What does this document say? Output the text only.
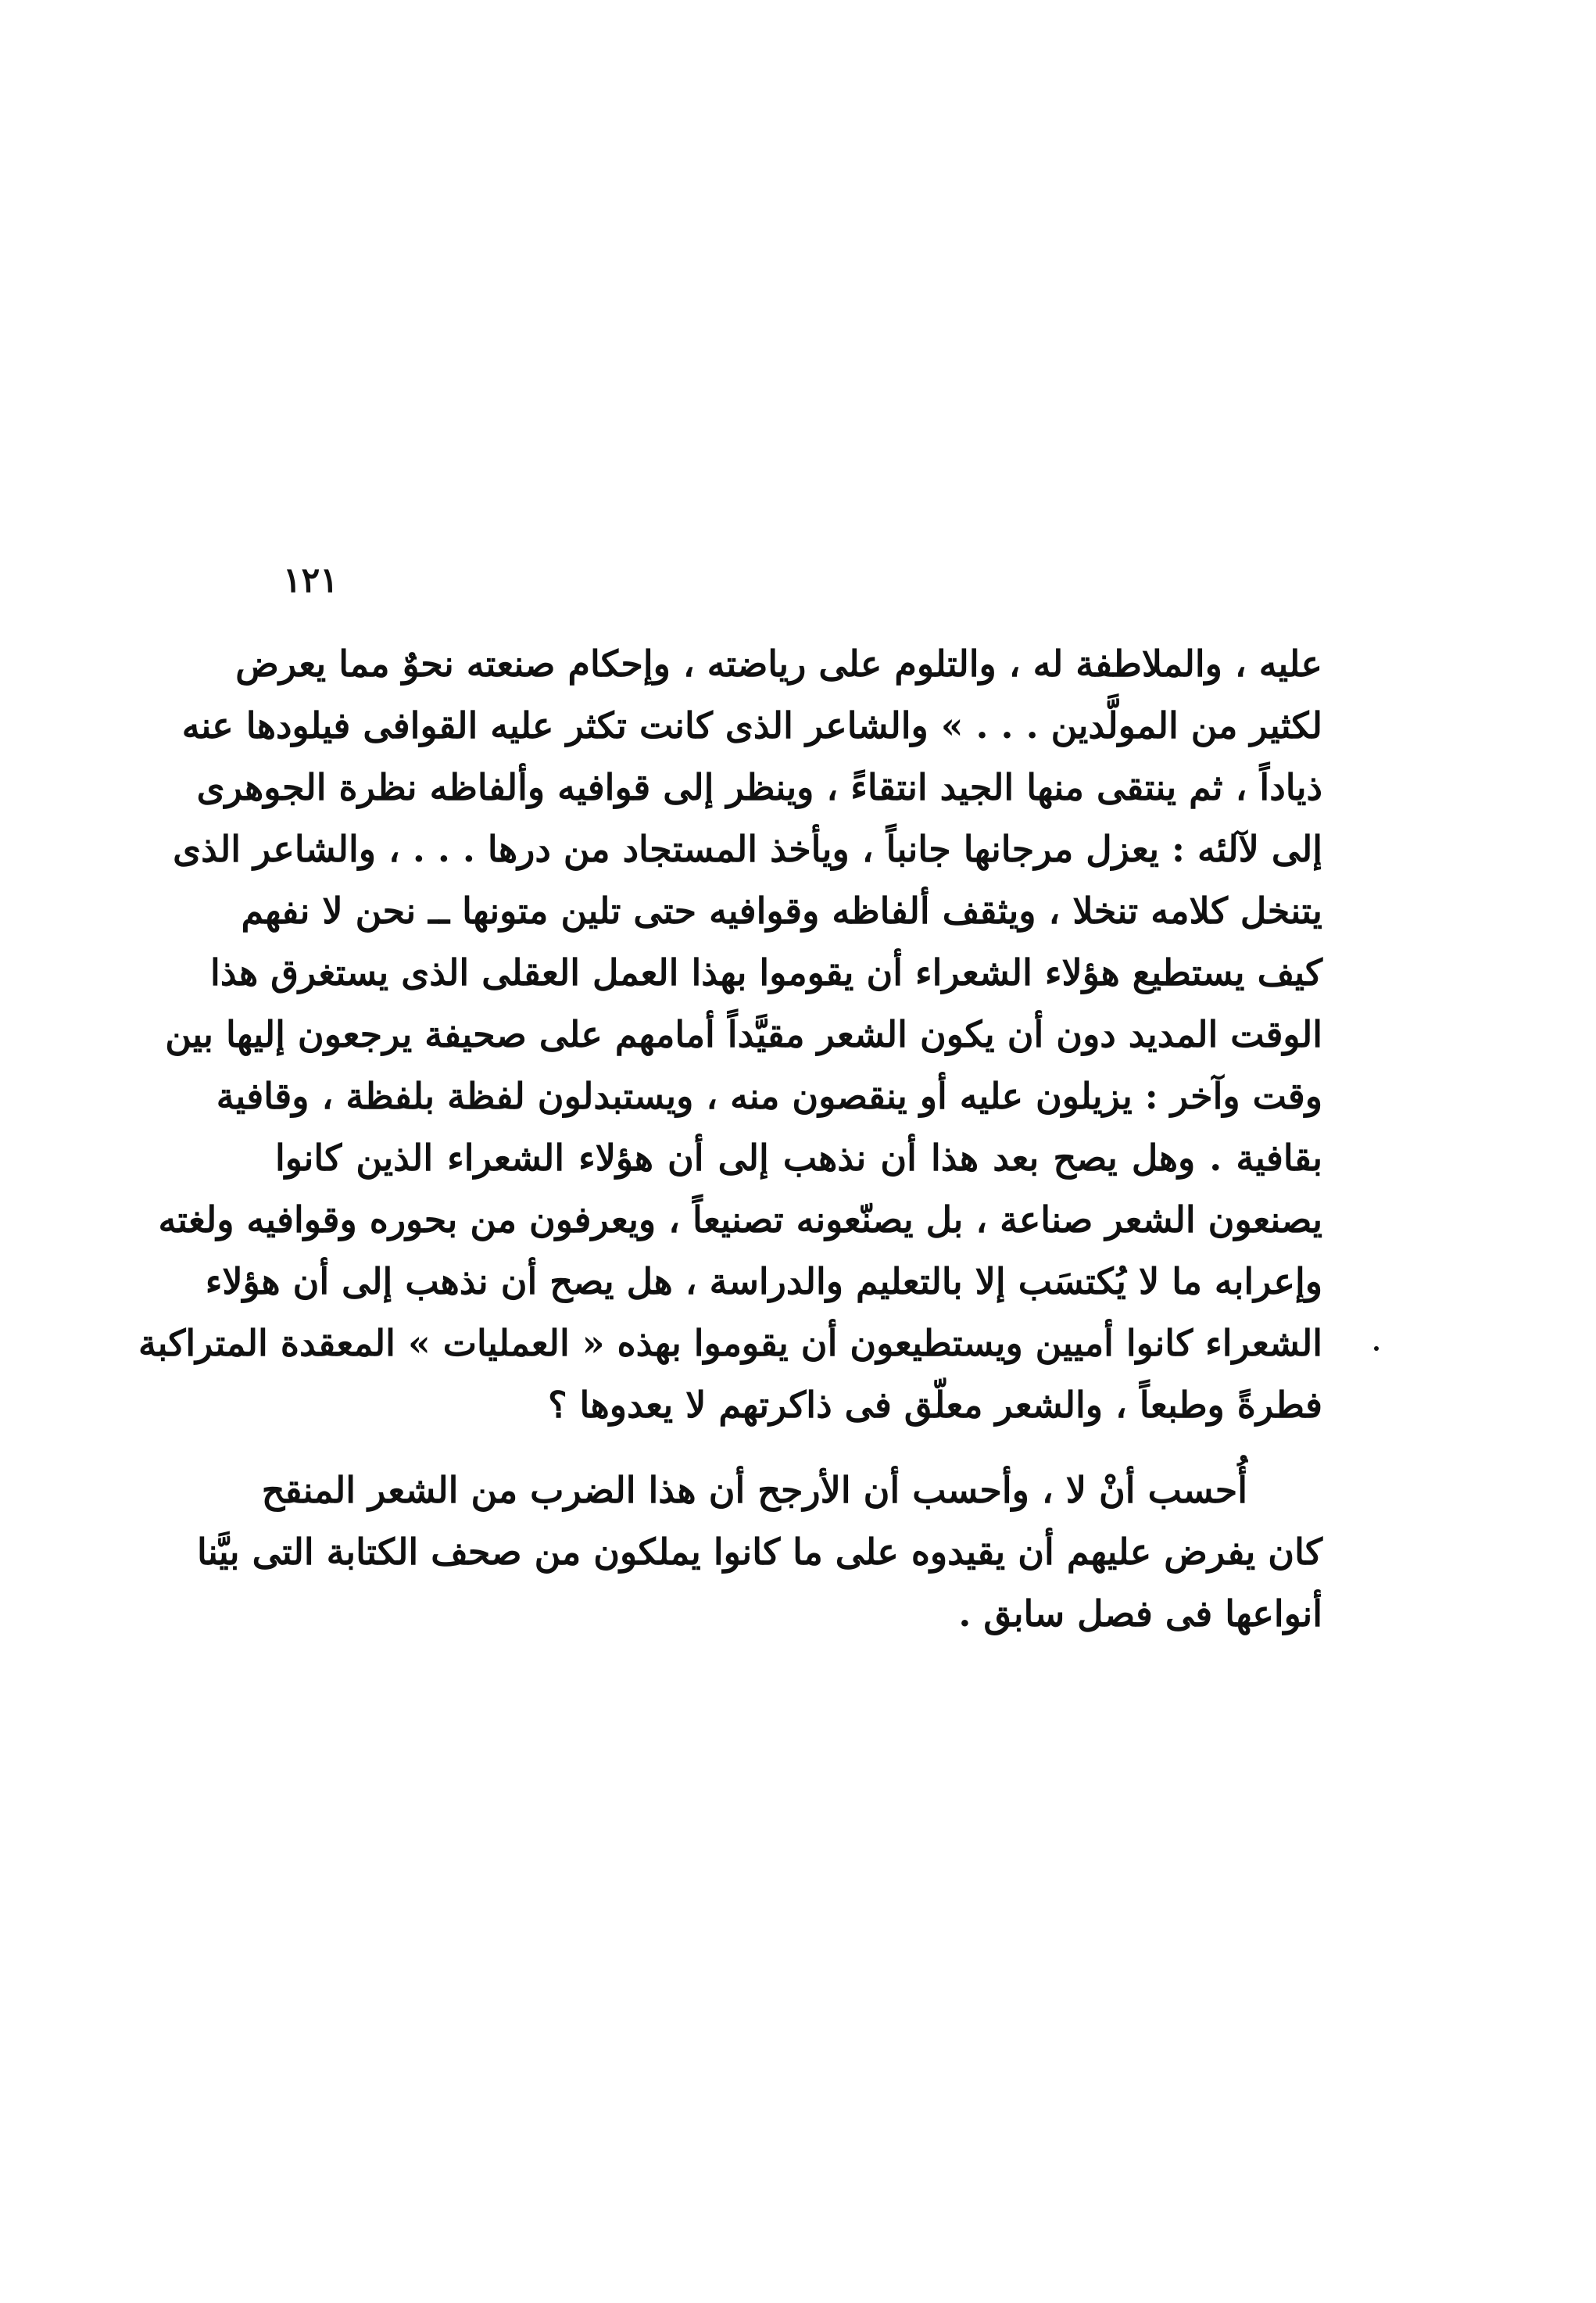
١٢١

عليه ، والملاطفة له ، والتلوم على رياضته ، وإحكام صنعته نحوٌ مما يعرض
لكثير من المولَّدين . . . » والشاعر الذى كانت تكثر عليه القوافى فيلودها عنه
ذياداً ، ثم ينتقى منها الجيد انتقاءً ، وينظر إلى قوافيه وألفاظه نظرة الجوهرى
إلى لآلئه : يعزل مرجانها جانباً ، ويأخذ المستجاد من درها . . . ، والشاعر الذى
يتنخل كلامه تنخلا ، ويثقف ألفاظه وقوافيه حتى تلين متونها ــ نحن لا نفهم
كيف يستطيع هؤلاء الشعراء أن يقوموا بهذا العمل العقلى الذى يستغرق هذا
الوقت المديد دون أن يكون الشعر مقيَّداً أمامهم على صحيفة يرجعون إليها بين
وقت وآخر : يزيلون عليه أو ينقصون منه ، ويستبدلون لفظة بلفظة ، وقافية
بقافية . وهل يصح بعد هذا أن نذهب إلى أن هؤلاء الشعراء الذين كانوا
يصنعون الشعر صناعة ، بل يصنّعونه تصنيعاً ، ويعرفون من بحوره وقوافيه ولغته
وإعرابه ما لا يُكتسَب إلا بالتعليم والدراسة ، هل يصح أن نذهب إلى أن هؤلاء
الشعراء كانوا أميين ويستطيعون أن يقوموا بهذه « العمليات » المعقدة المتراكبة
فطرةً وطبعاً ، والشعر معلّق فى ذاكرتهم لا يعدوها ؟

أُحسب أنْ لا ، وأحسب أن الأرجح أن هذا الضرب من الشعر المنقح
كان يفرض عليهم أن يقيدوه على ما كانوا يملكون من صحف الكتابة التى بيَّنا
أنواعها فى فصل سابق .
